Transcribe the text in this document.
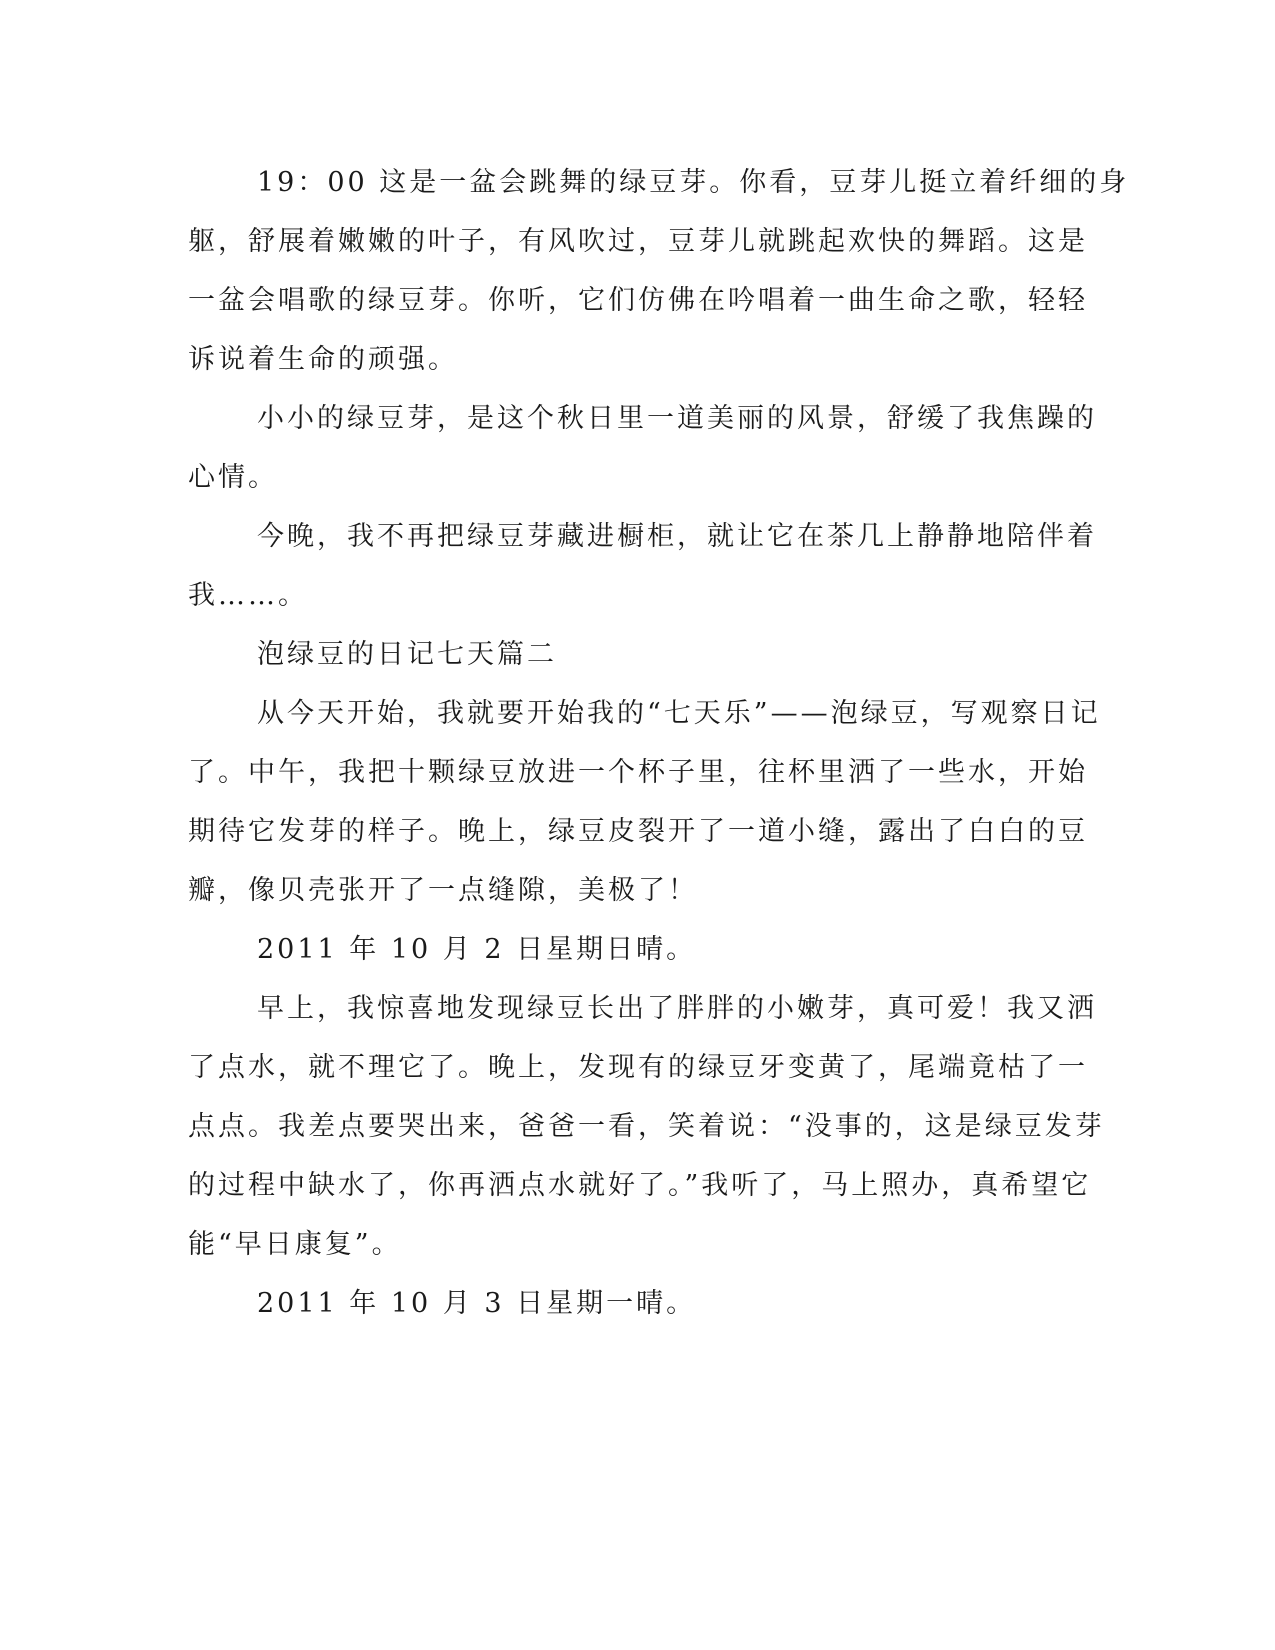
19：00 这是一盆会跳舞的绿豆芽。你看，豆芽儿挺立着纤细的身
躯，舒展着嫩嫩的叶子，有风吹过，豆芽儿就跳起欢快的舞蹈。这是
一盆会唱歌的绿豆芽。你听，它们仿佛在吟唱着一曲生命之歌，轻轻
诉说着生命的顽强。
小小的绿豆芽，是这个秋日里一道美丽的风景，舒缓了我焦躁的
心情。
今晚，我不再把绿豆芽藏进橱柜，就让它在茶几上静静地陪伴着
我……。
泡绿豆的日记七天篇二
从今天开始，我就要开始我的“七天乐”——泡绿豆，写观察日记
了。中午，我把十颗绿豆放进一个杯子里，往杯里洒了一些水，开始
期待它发芽的样子。晚上，绿豆皮裂开了一道小缝，露出了白白的豆
瓣，像贝壳张开了一点缝隙，美极了！
2011 年 10 月 2 日星期日晴。
早上，我惊喜地发现绿豆长出了胖胖的小嫩芽，真可爱！我又洒
了点水，就不理它了。晚上，发现有的绿豆牙变黄了，尾端竟枯了一
点点。我差点要哭出来，爸爸一看，笑着说：“没事的，这是绿豆发芽
的过程中缺水了，你再洒点水就好了。”我听了，马上照办，真希望它
能“早日康复”。
2011 年 10 月 3 日星期一晴。
